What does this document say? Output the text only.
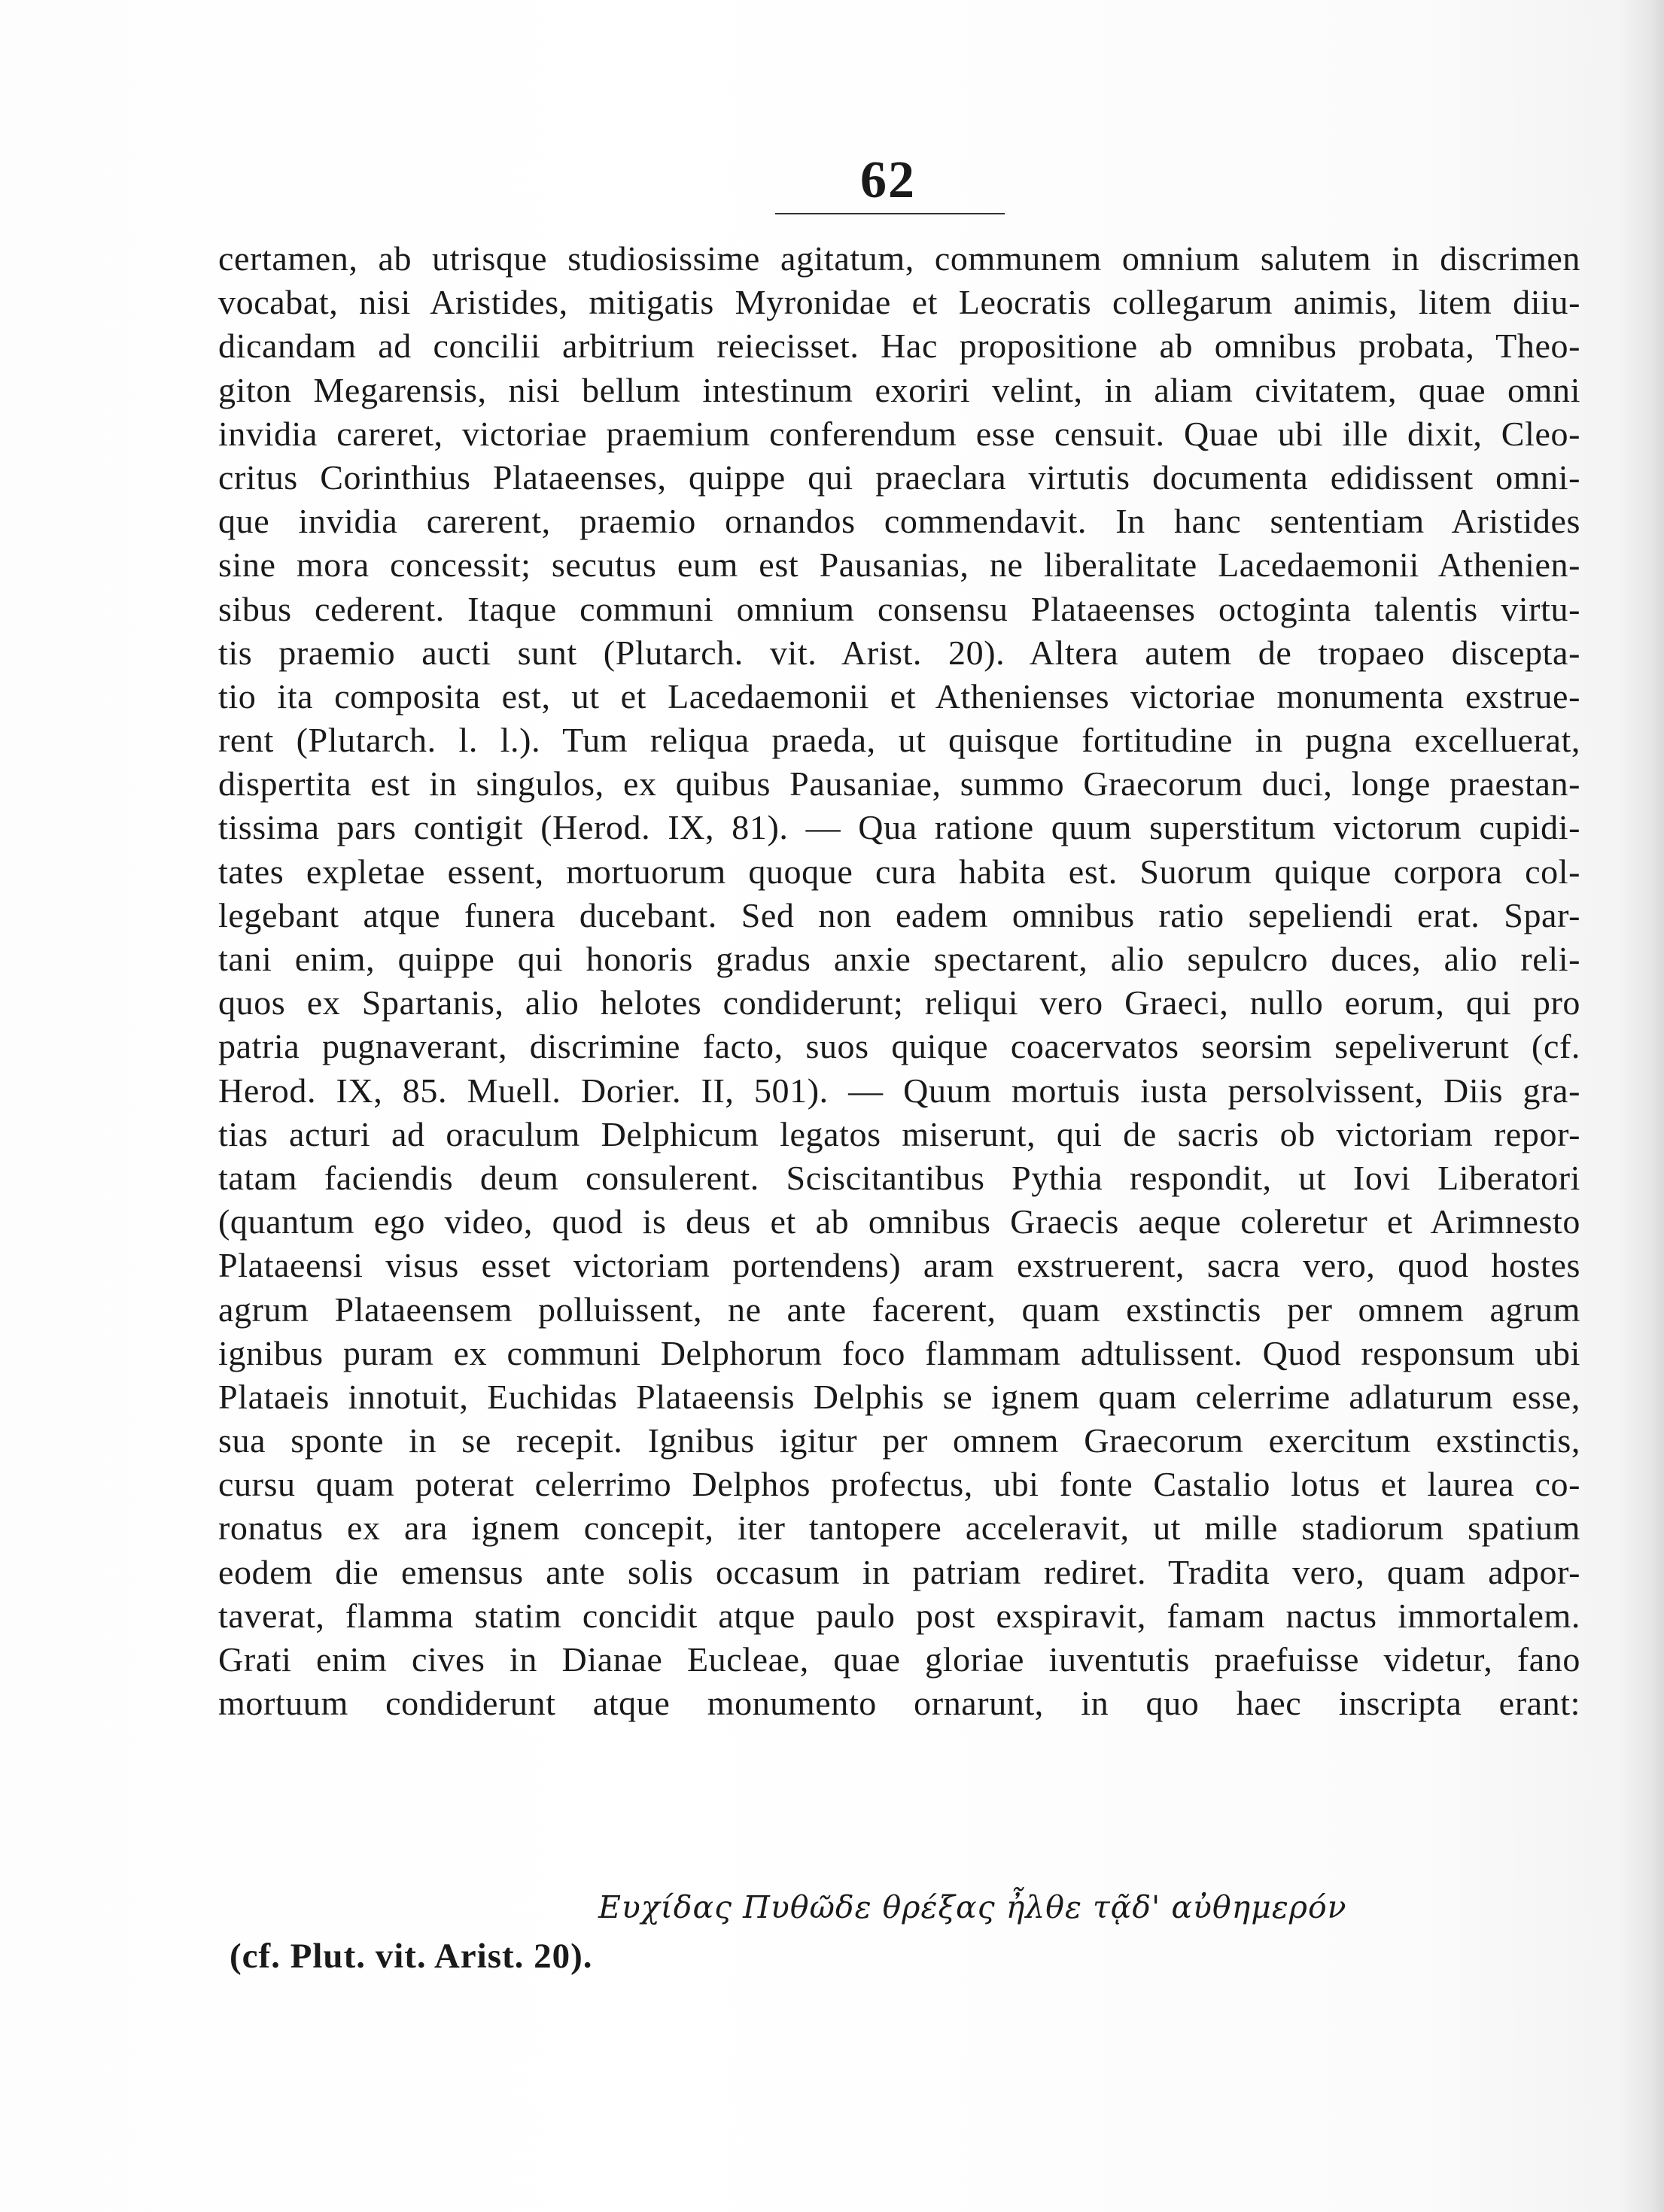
62
certamen, ab utrisque studiosissime agitatum, communem omnium salutem in discrimen
vocabat, nisi Aristides, mitigatis Myronidae et Leocratis collegarum animis, litem diiu-
dicandam ad concilii arbitrium reiecisset. Hac propositione ab omnibus probata, Theo-
giton Megarensis, nisi bellum intestinum exoriri velint, in aliam civitatem, quae omni
invidia careret, victoriae praemium conferendum esse censuit. Quae ubi ille dixit, Cleo-
critus Corinthius Plataeenses, quippe qui praeclara virtutis documenta edidissent omni-
que invidia carerent, praemio ornandos commendavit. In hanc sententiam Aristides
sine mora concessit; secutus eum est Pausanias, ne liberalitate Lacedaemonii Athenien-
sibus cederent. Itaque communi omnium consensu Plataeenses octoginta talentis virtu-
tis praemio aucti sunt (Plutarch. vit. Arist. 20). Altera autem de tropaeo discepta-
tio ita composita est, ut et Lacedaemonii et Athenienses victoriae monumenta exstrue-
rent (Plutarch. l. l.). Tum reliqua praeda, ut quisque fortitudine in pugna excelluerat,
dispertita est in singulos, ex quibus Pausaniae, summo Graecorum duci, longe praestan-
tissima pars contigit (Herod. IX, 81). — Qua ratione quum superstitum victorum cupidi-
tates expletae essent, mortuorum quoque cura habita est. Suorum quique corpora col-
legebant atque funera ducebant. Sed non eadem omnibus ratio sepeliendi erat. Spar-
tani enim, quippe qui honoris gradus anxie spectarent, alio sepulcro duces, alio reli-
quos ex Spartanis, alio helotes condiderunt; reliqui vero Graeci, nullo eorum, qui pro
patria pugnaverant, discrimine facto, suos quique coacervatos seorsim sepeliverunt (cf.
Herod. IX, 85. Muell. Dorier. II, 501). — Quum mortuis iusta persolvissent, Diis gra-
tias acturi ad oraculum Delphicum legatos miserunt, qui de sacris ob victoriam repor-
tatam faciendis deum consulerent. Sciscitantibus Pythia respondit, ut Iovi Liberatori
(quantum ego video, quod is deus et ab omnibus Graecis aeque coleretur et Arimnesto
Plataeensi visus esset victoriam portendens) aram exstruerent, sacra vero, quod hostes
agrum Plataeensem polluissent, ne ante facerent, quam exstinctis per omnem agrum
ignibus puram ex communi Delphorum foco flammam adtulissent. Quod responsum ubi
Plataeis innotuit, Euchidas Plataeensis Delphis se ignem quam celerrime adlaturum esse,
sua sponte in se recepit. Ignibus igitur per omnem Graecorum exercitum exstinctis,
cursu quam poterat celerrimo Delphos profectus, ubi fonte Castalio lotus et laurea co-
ronatus ex ara ignem concepit, iter tantopere acceleravit, ut mille stadiorum spatium
eodem die emensus ante solis occasum in patriam rediret. Tradita vero, quam adpor-
taverat, flamma statim concidit atque paulo post exspiravit, famam nactus immortalem.
Grati enim cives in Dianae Eucleae, quae gloriae iuventutis praefuisse videtur, fano
mortuum condiderunt atque monumento ornarunt, in quo haec inscripta erant:
Ευχίδας Πυθῶδε θρέξας ἦλθε τᾷδ' αὐθημερόν
(cf. Plut. vit. Arist. 20).
